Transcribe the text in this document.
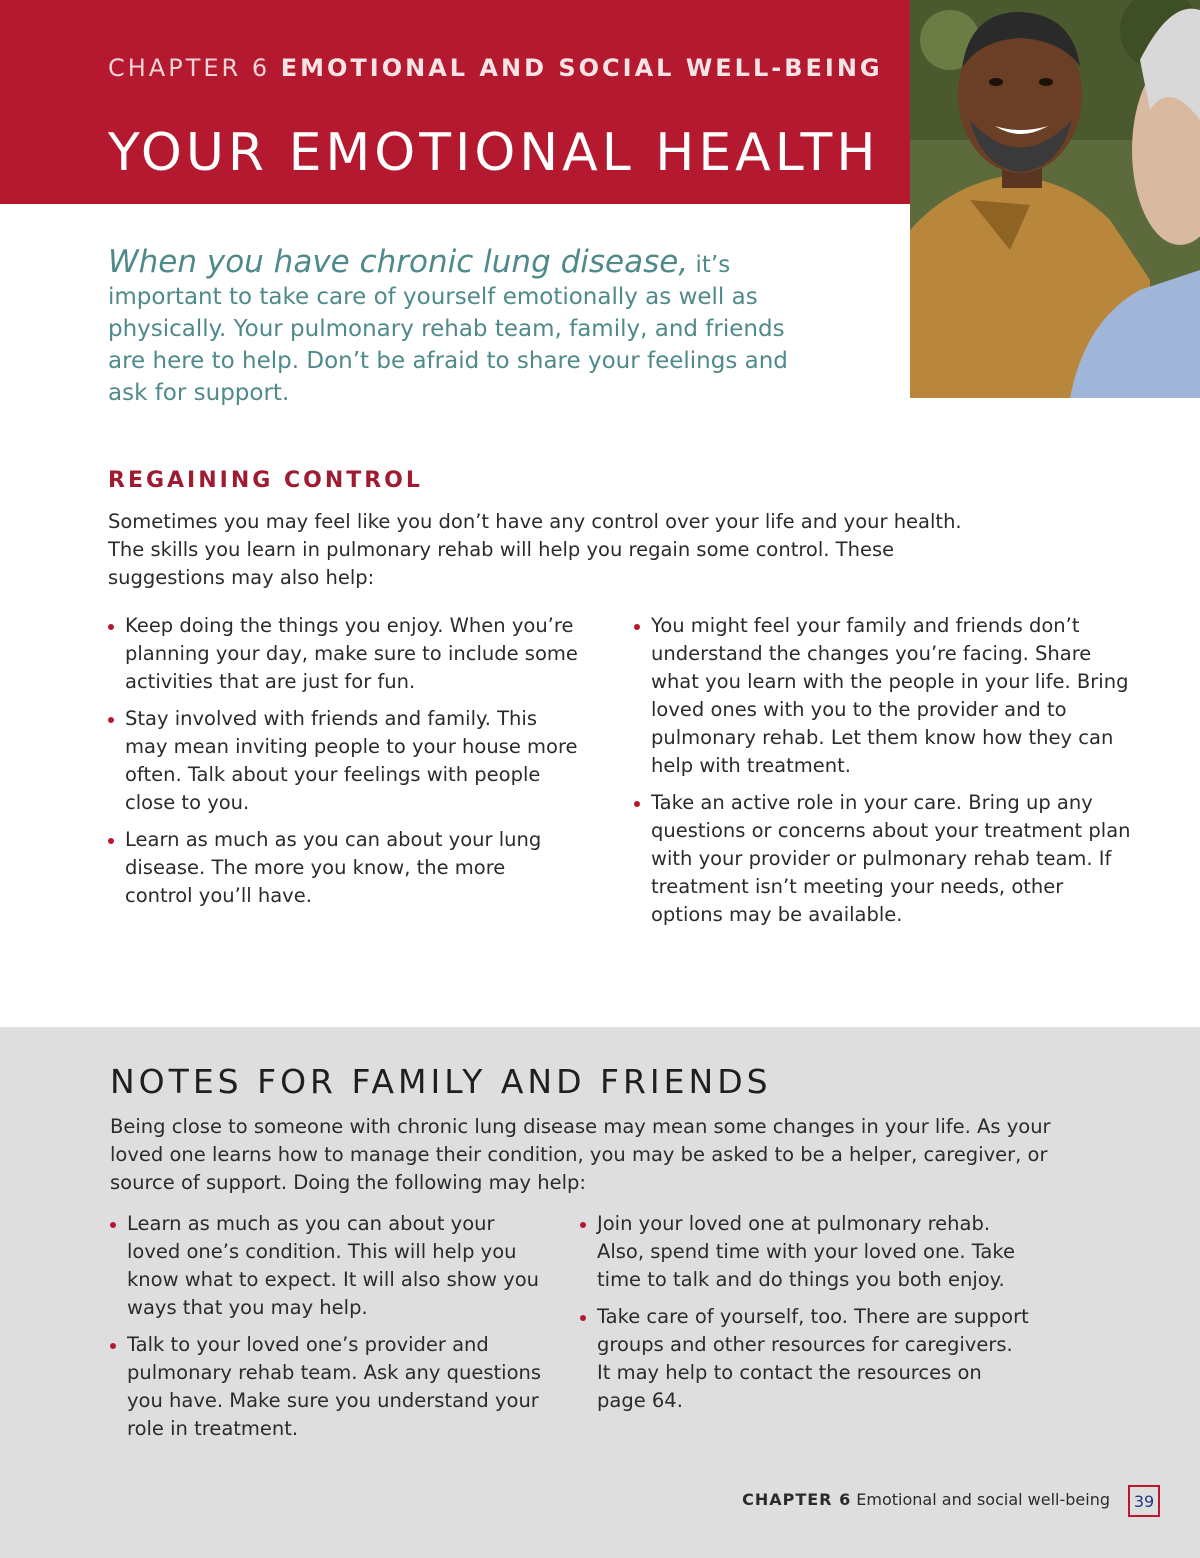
CHAPTER 6 EMOTIONAL AND SOCIAL WELL-BEING
YOUR EMOTIONAL HEALTH

When you have chronic lung disease, it’s important to take care of yourself emotionally as well as physically. Your pulmonary rehab team, family, and friends are here to help. Don’t be afraid to share your feelings and ask for support.

REGAINING CONTROL

Sometimes you may feel like you don’t have any control over your life and your health. The skills you learn in pulmonary rehab will help you regain some control. These suggestions may also help:

Keep doing the things you enjoy. When you’re planning your day, make sure to include some activities that are just for fun.
Stay involved with friends and family. This may mean inviting people to your house more often. Talk about your feelings with people close to you.
Learn as much as you can about your lung disease. The more you know, the more control you’ll have.
You might feel your family and friends don’t understand the changes you’re facing. Share what you learn with the people in your life. Bring loved ones with you to the provider and to pulmonary rehab. Let them know how they can help with treatment.
Take an active role in your care. Bring up any questions or concerns about your treatment plan with your provider or pulmonary rehab team. If treatment isn’t meeting your needs, other options may be available.
NOTES FOR FAMILY AND FRIENDS

Being close to someone with chronic lung disease may mean some changes in your life. As your loved one learns how to manage their condition, you may be asked to be a helper, caregiver, or source of support. Doing the following may help:

Learn as much as you can about your loved one’s condition. This will help you know what to expect. It will also show you ways that you may help.
Talk to your loved one’s provider and pulmonary rehab team. Ask any questions you have. Make sure you understand your role in treatment.
Join your loved one at pulmonary rehab. Also, spend time with your loved one. Take time to talk and do things you both enjoy.
Take care of yourself, too. There are support groups and other resources for caregivers. It may help to contact the resources on page 64.
CHAPTER 6 Emotional and social well-being	39
